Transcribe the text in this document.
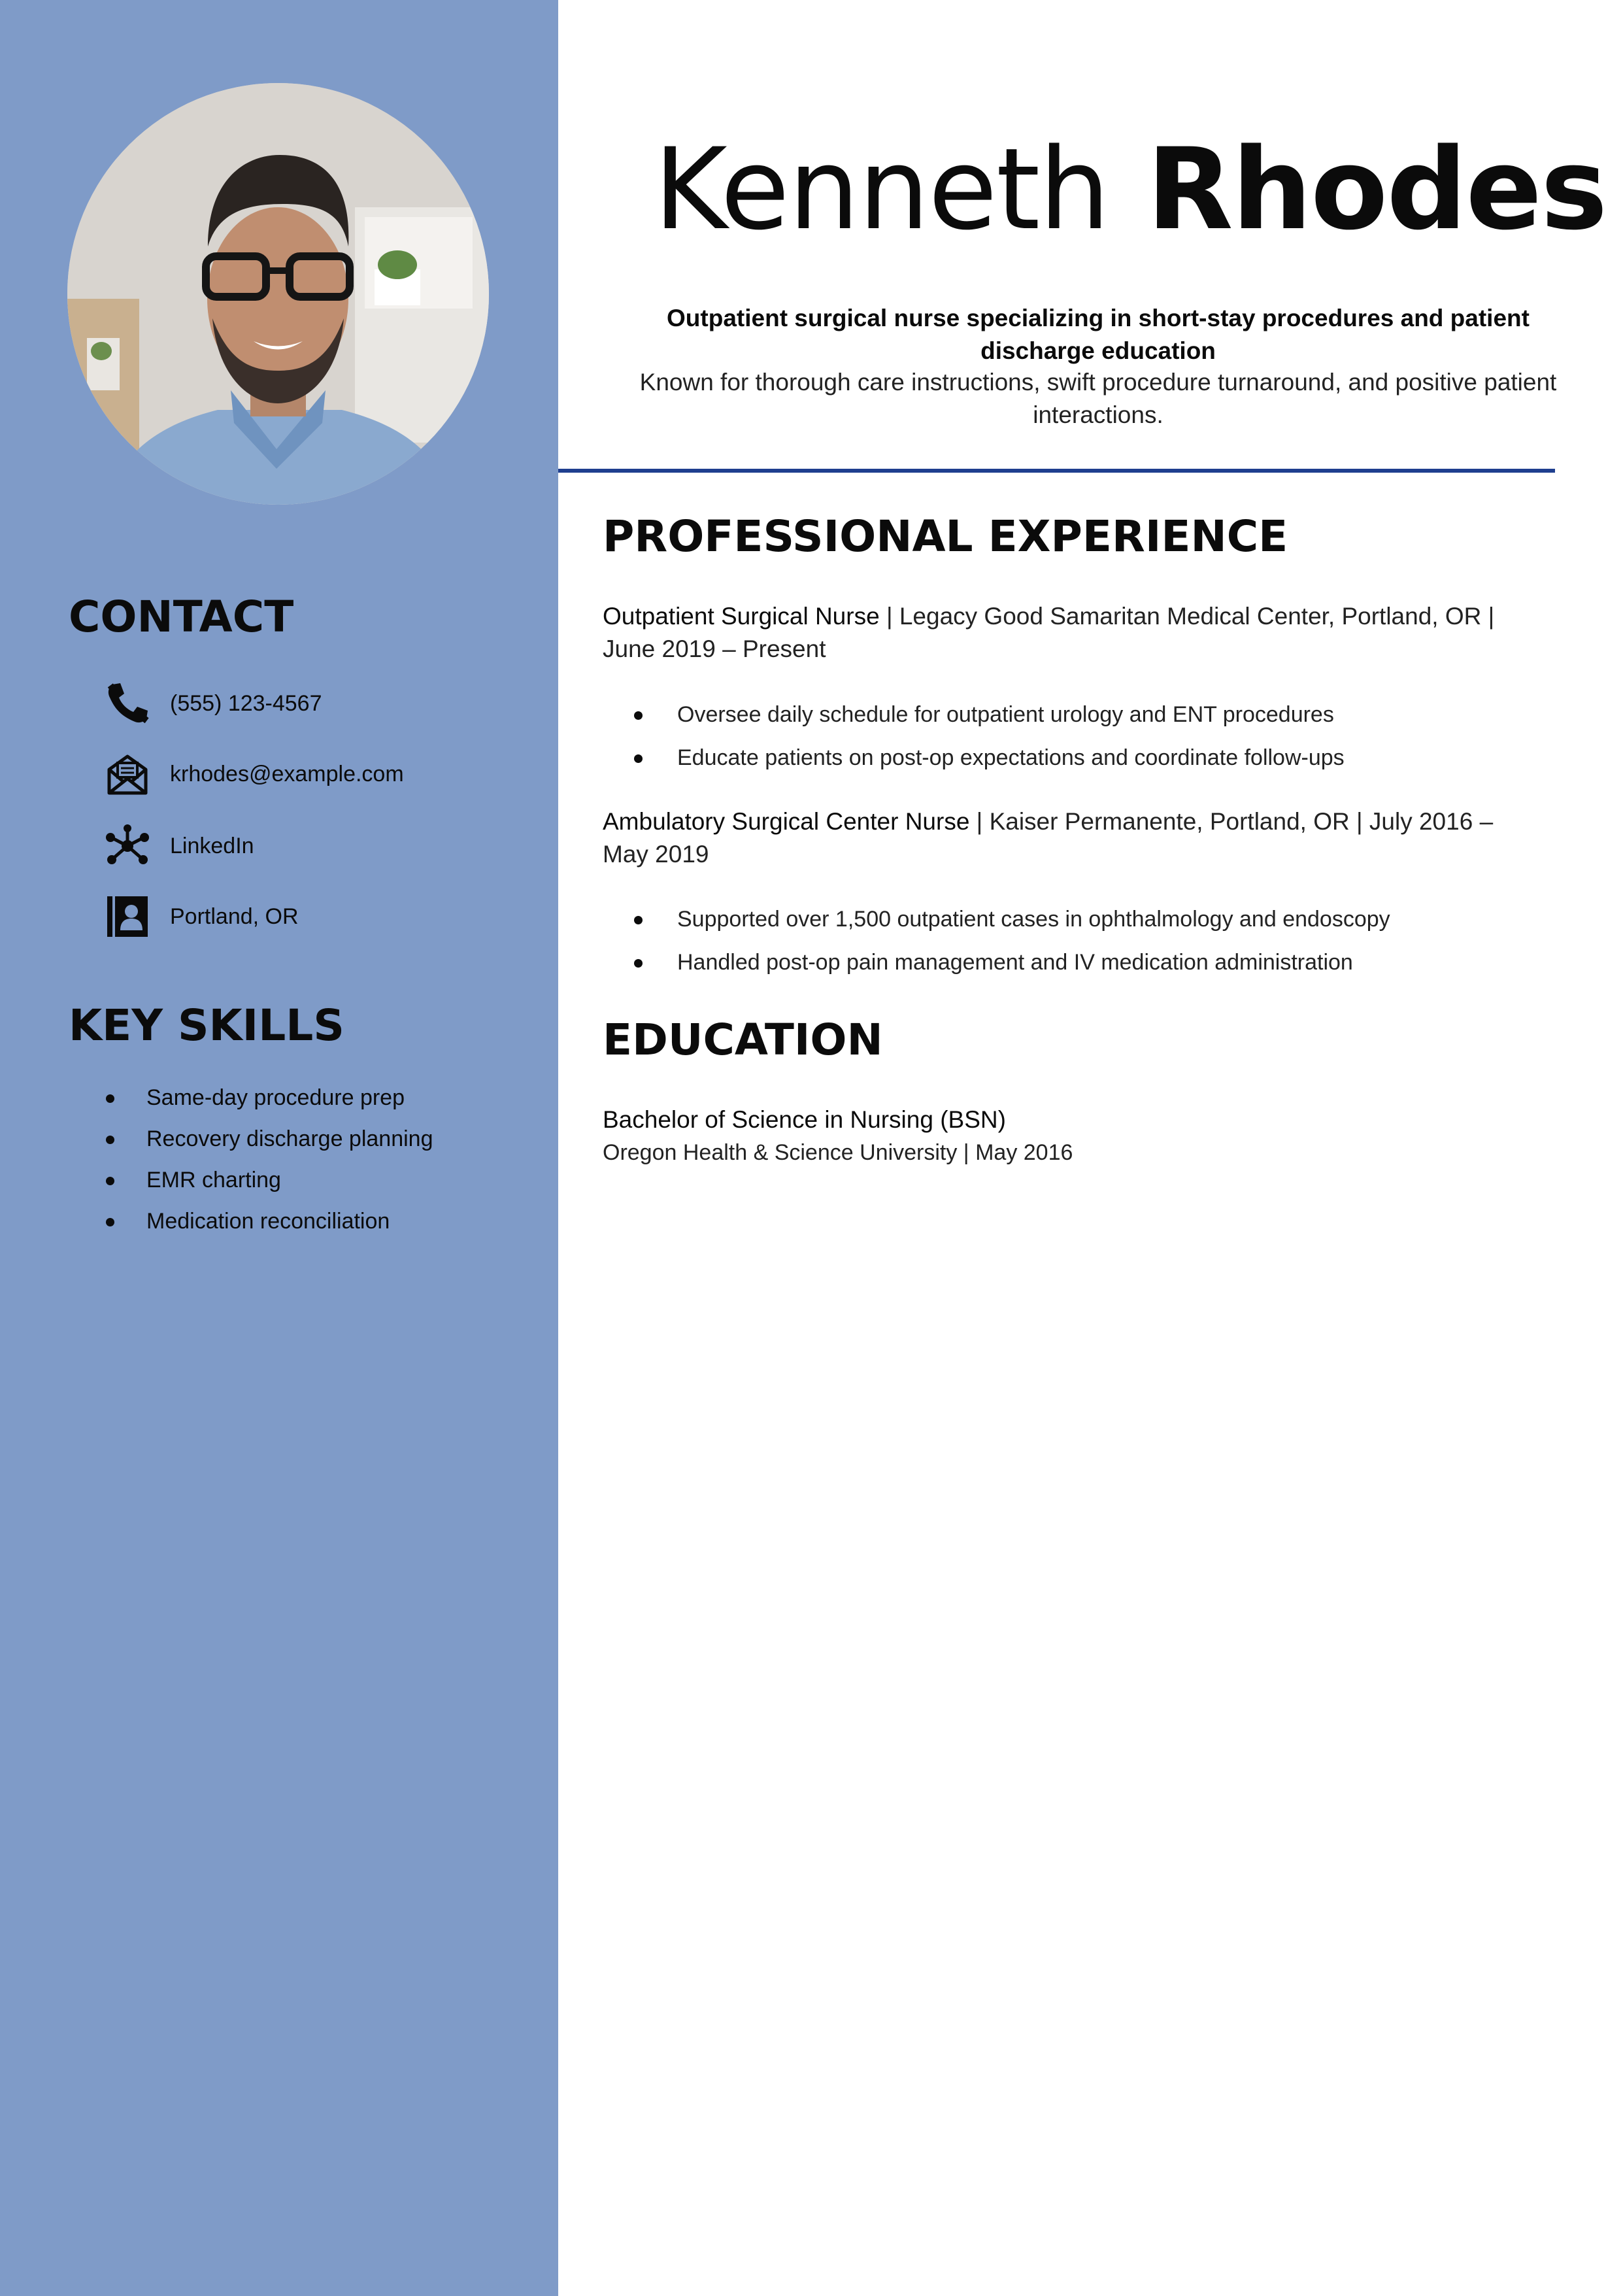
CONTACT
(555) 123-4567
krhodes@example.com
LinkedIn
Portland, OR
KEY SKILLS
Same-day procedure prep
Recovery discharge planning
EMR charting
Medication reconciliation
Kenneth Rhodes

Outpatient surgical nurse specializing in short-stay procedures and patient discharge education

Known for thorough care instructions, swift procedure turnaround, and positive patient interactions.

PROFESSIONAL EXPERIENCE

Outpatient Surgical Nurse | Legacy Good Samaritan Medical Center, Portland, OR | June 2019 – Present

Oversee daily schedule for outpatient urology and ENT procedures
Educate patients on post-op expectations and coordinate follow-ups

Ambulatory Surgical Center Nurse | Kaiser Permanente, Portland, OR | July 2016 – May 2019

Supported over 1,500 outpatient cases in ophthalmology and endoscopy
Handled post-op pain management and IV medication administration
EDUCATION

Bachelor of Science in Nursing (BSN)

Oregon Health & Science University | May 2016
